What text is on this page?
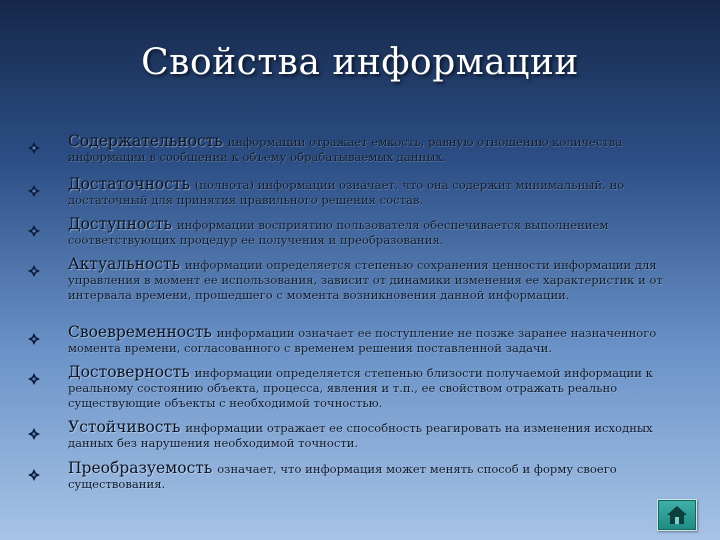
Свойства информации
Содержательность информации отражает емкость, равную отношению количества информации в сообщении к объему обрабатываемых данных.
Достаточность (полнота) информации означает, что она содержит минимальный, но достаточный для принятия правильного решения состав.
Доступность информации восприятию пользователя обеспечивается выполнением соответствующих процедур ее получения и преобразования.
Актуальность информации определяется степенью сохранения ценности информации для управления в момент ее использования, зависит от динамики изменения ее характеристик и от интервала времени, прошедшего с момента возникновения данной информации.
Своевременность информации означает ее поступление не позже заранее назначенного момента времени, согласованного с временем решения поставленной задачи.
Достоверность информации определяется степенью близости получаемой информации к реальному состоянию объекта, процесса, явления и т.п., ее свойством отражать реально существующие объекты с необходимой точностью.
Устойчивость информации отражает ее способность реагировать на изменения исходных данных без нарушения необходимой точности.
Преобразуемость означает, что информация может менять способ и форму своего существования.
